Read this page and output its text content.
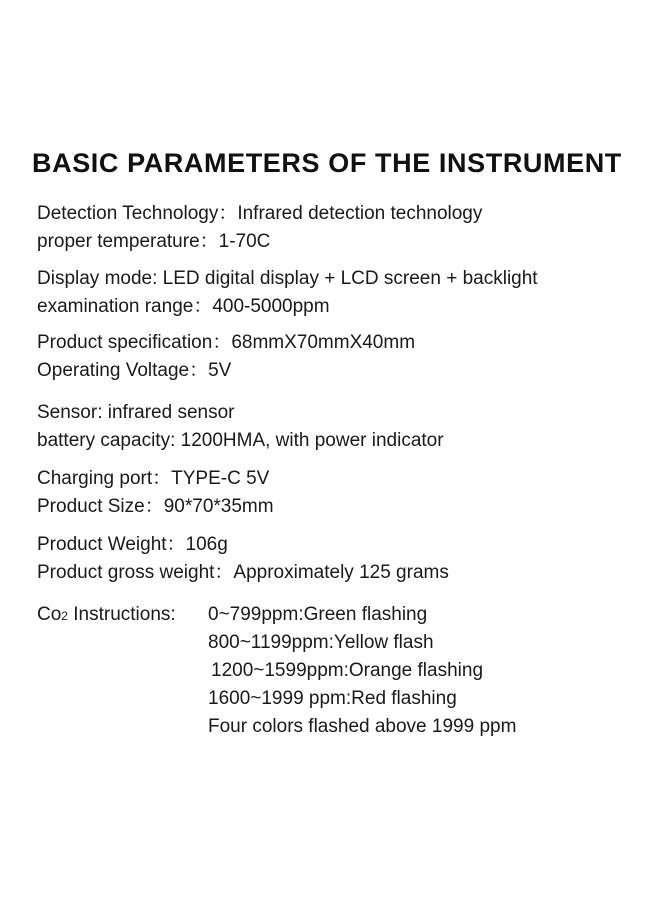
BASIC PARAMETERS OF THE INSTRUMENT
Detection Technology：Infrared detection technology
proper temperature：1-70C
Display mode: LED digital display + LCD screen + backlight
examination range：400-5000ppm
Product specification：68mmX70mmX40mm
Operating Voltage：5V
Sensor: infrared sensor
battery capacity: 1200HMA, with power indicator
Charging port：TYPE-C 5V
Product Size：90*70*35mm
Product Weight：106g
Product gross weight：Approximately 125 grams
Co2 Instructions: 0~799ppm:Green flashing
800~1199ppm:Yellow flash
1200~1599ppm:Orange flashing
1600~1999 ppm:Red flashing
Four colors flashed above 1999 ppm
